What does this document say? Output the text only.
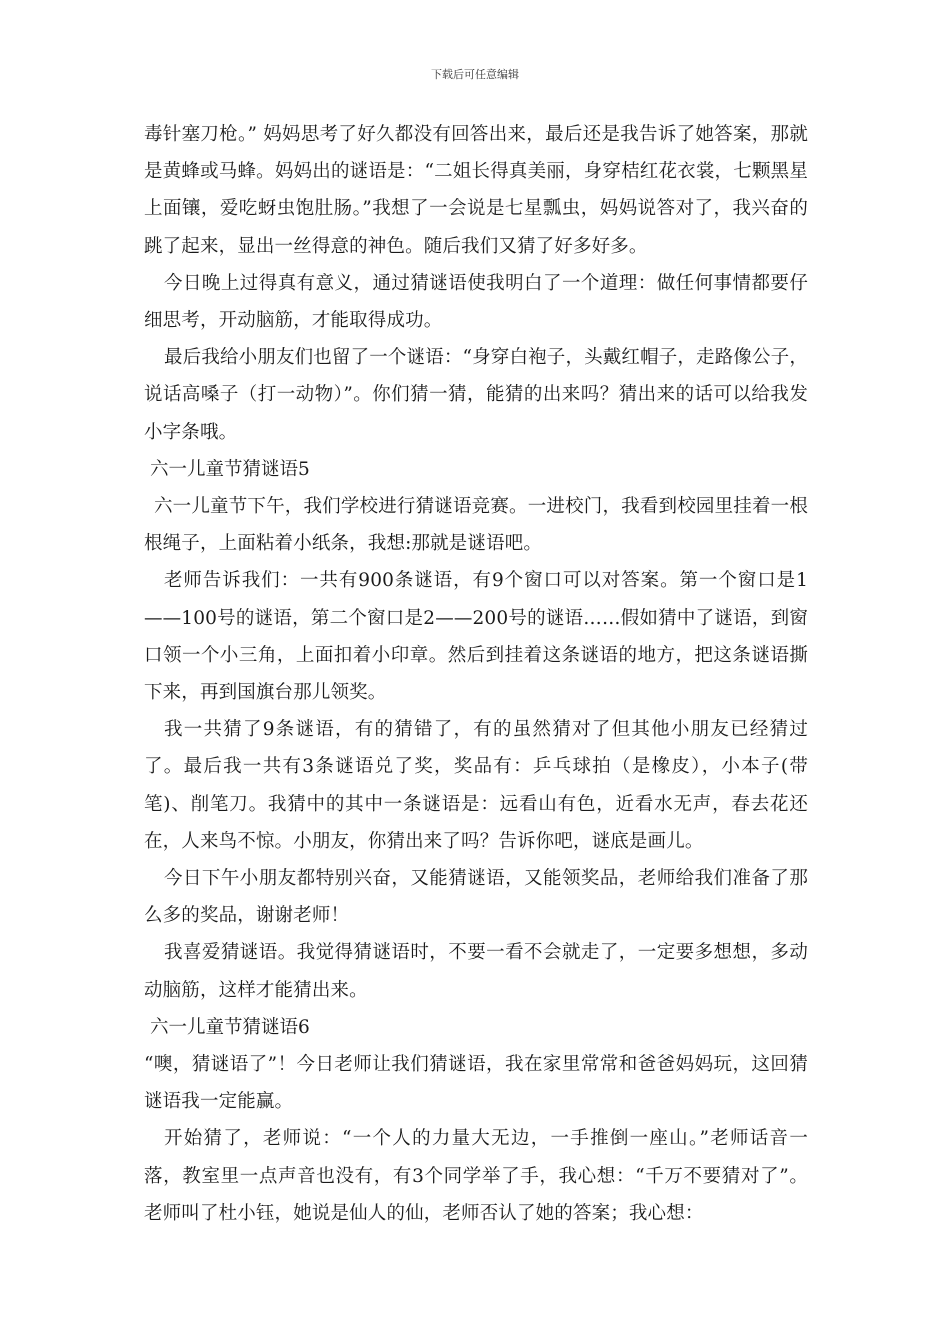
下载后可任意编辑

毒针塞刀枪。” 妈妈思考了好久都没有回答出来，最后还是我告诉了她答案，那就是黄蜂或马蜂。妈妈出的谜语是：“二姐长得真美丽，身穿桔红花衣裳，七颗黑星上面镶，爱吃蚜虫饱肚肠。”我想了一会说是七星瓢虫，妈妈说答对了，我兴奋的跳了起来，显出一丝得意的神色。随后我们又猜了好多好多。

今日晚上过得真有意义，通过猜谜语使我明白了一个道理：做任何事情都要仔细思考，开动脑筋，才能取得成功。

最后我给小朋友们也留了一个谜语：“身穿白袍子，头戴红帽子，走路像公子，说话高嗓子（打一动物）”。你们猜一猜，能猜的出来吗？猜出来的话可以给我发小字条哦。

六一儿童节猜谜语5

六一儿童节下午，我们学校进行猜谜语竞赛。一进校门，我看到校园里挂着一根根绳子，上面粘着小纸条，我想:那就是谜语吧。

老师告诉我们：一共有900条谜语，有9个窗口可以对答案。第一个窗口是1——100号的谜语，第二个窗口是2——200号的谜语……假如猜中了谜语，到窗口领一个小三角，上面扣着小印章。然后到挂着这条谜语的地方，把这条谜语撕下来，再到国旗台那儿领奖。

我一共猜了9条谜语，有的猜错了，有的虽然猜对了但其他小朋友已经猜过了。最后我一共有3条谜语兑了奖，奖品有：乒乓球拍（是橡皮），小本子(带笔)、削笔刀。我猜中的其中一条谜语是：远看山有色，近看水无声，春去花还在，人来鸟不惊。小朋友，你猜出来了吗？告诉你吧，谜底是画儿。

今日下午小朋友都特别兴奋，又能猜谜语，又能领奖品，老师给我们准备了那么多的奖品，谢谢老师！

我喜爱猜谜语。我觉得猜谜语时，不要一看不会就走了，一定要多想想，多动动脑筋，这样才能猜出来。

六一儿童节猜谜语6

“噢，猜谜语了”！今日老师让我们猜谜语，我在家里常常和爸爸妈妈玩，这回猜谜语我一定能赢。

开始猜了，老师说：“一个人的力量大无边，一手推倒一座山。”老师话音一落，教室里一点声音也没有，有3个同学举了手，我心想：“千万不要猜对了”。老师叫了杜小钰，她说是仙人的仙，老师否认了她的答案；我心想：
